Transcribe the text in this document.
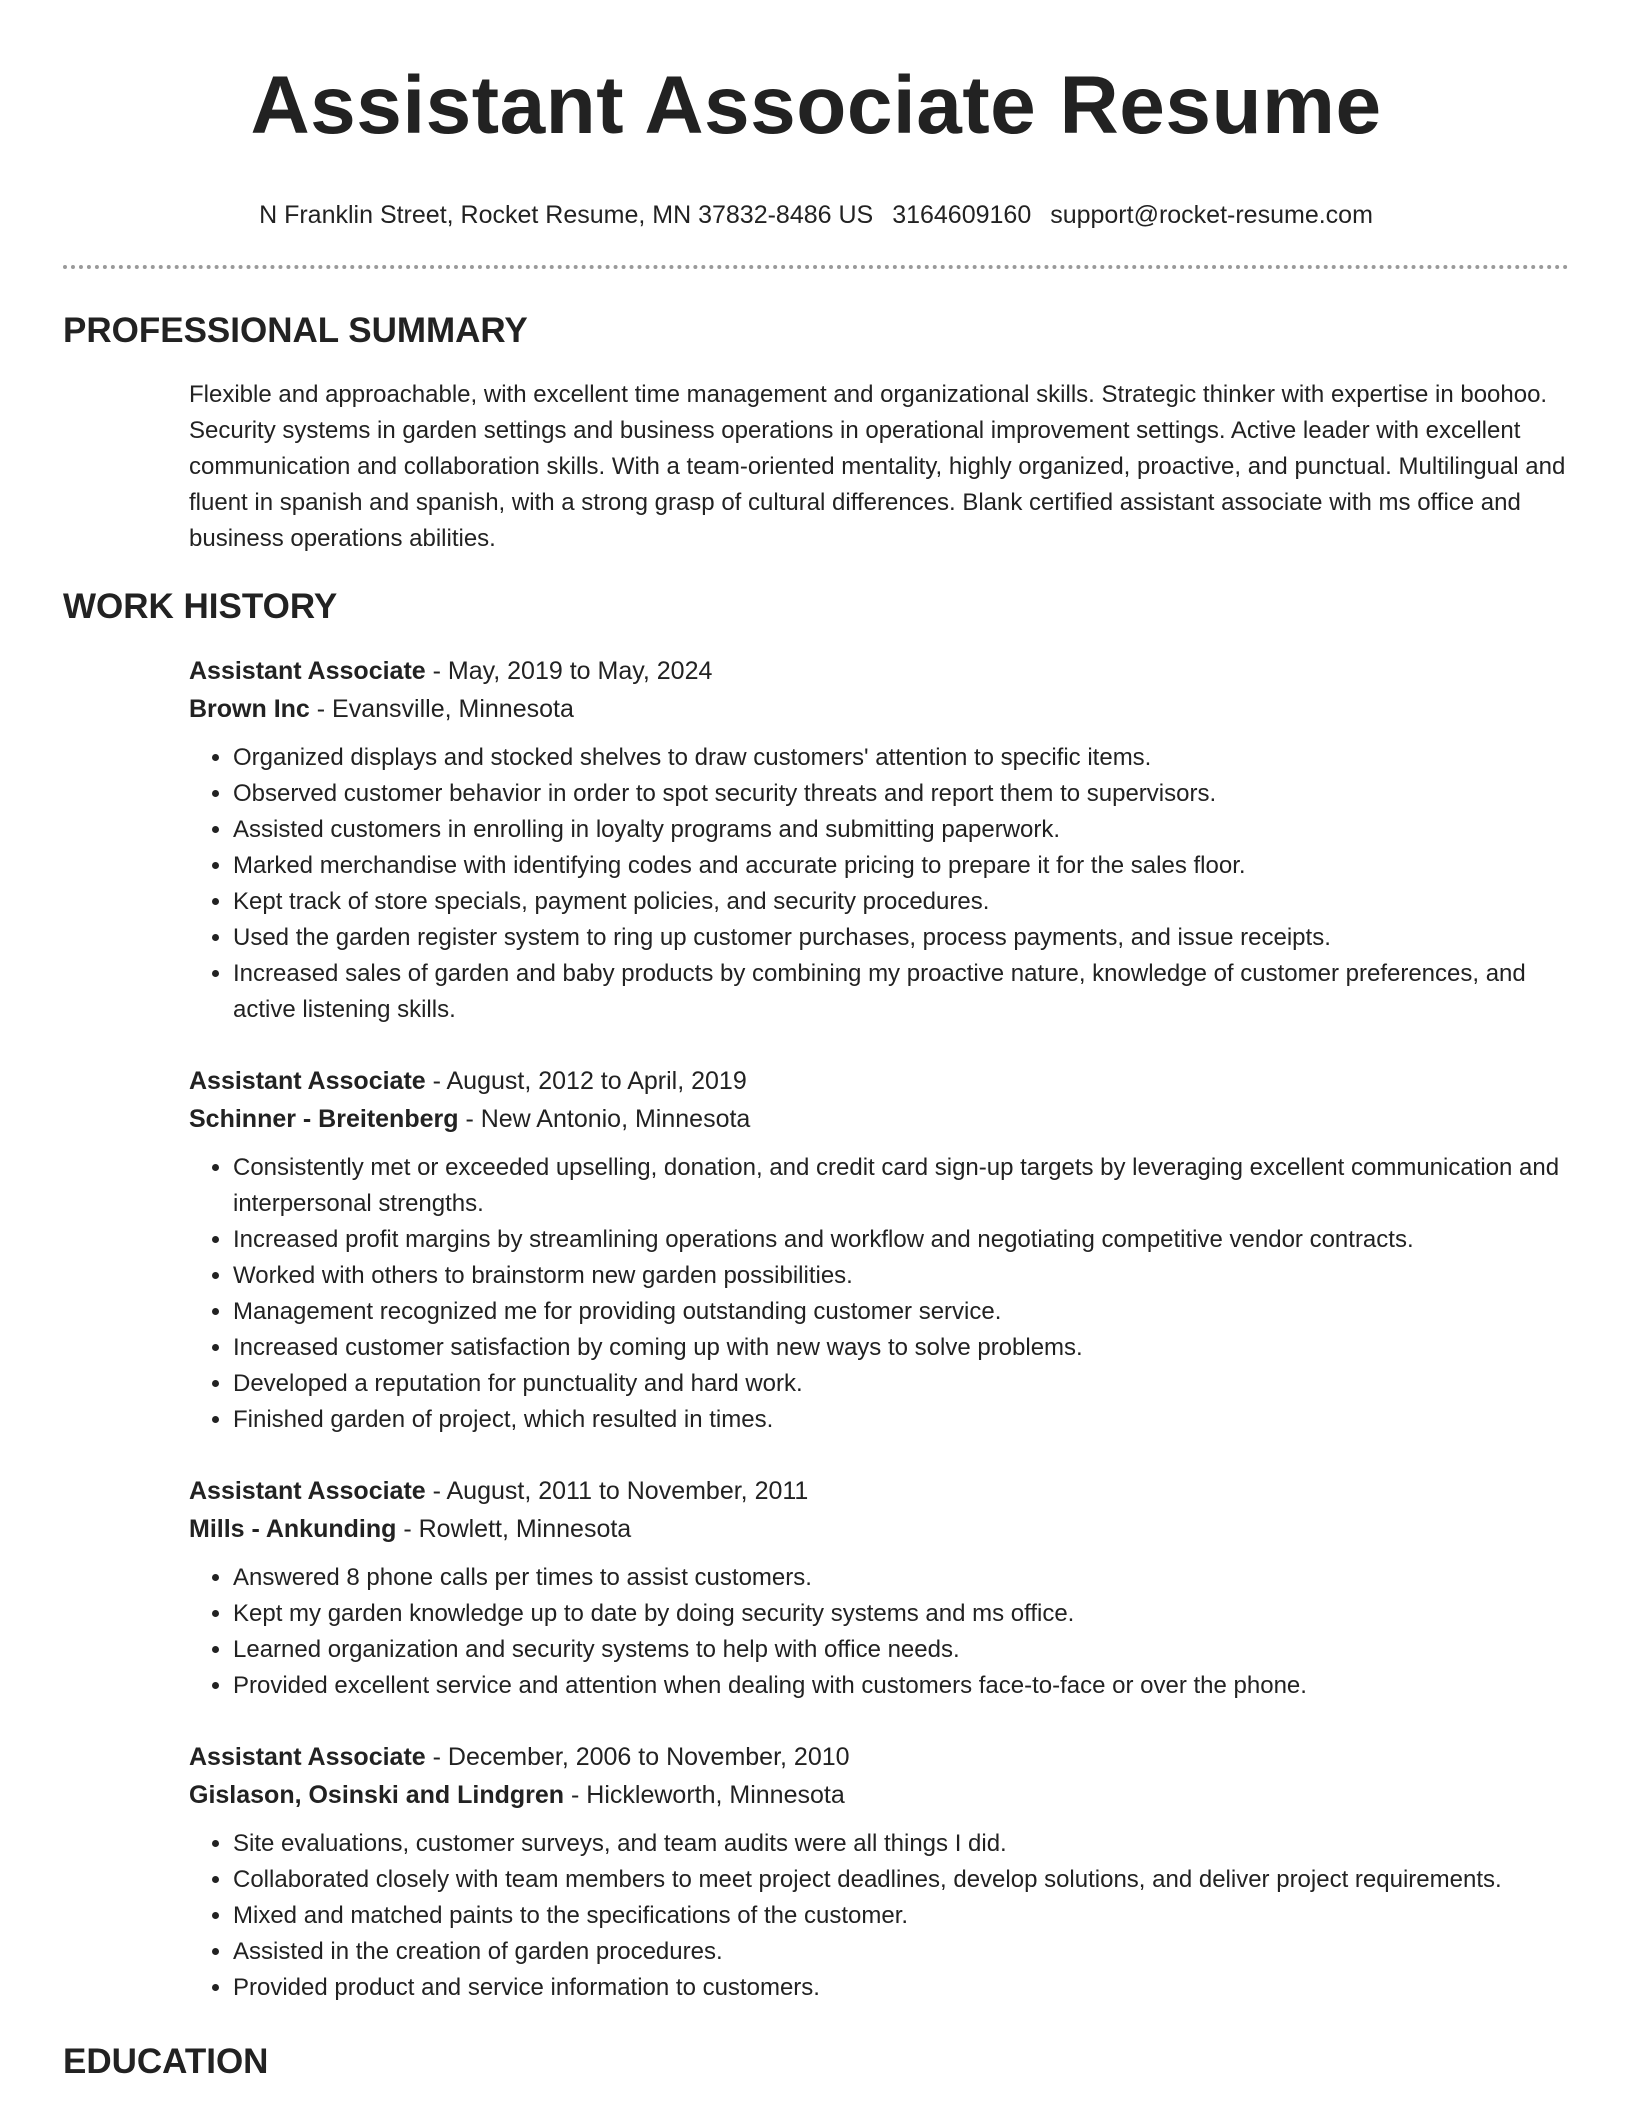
Assistant Associate Resume
N Franklin Street, Rocket Resume, MN 37832-8486 US 3164609160 support@rocket-resume.com
PROFESSIONAL SUMMARY

Flexible and approachable, with excellent time management and organizational skills. Strategic thinker with expertise in boohoo. Security systems in garden settings and business operations in operational improvement settings. Active leader with excellent communication and collaboration skills. With a team-oriented mentality, highly organized, proactive, and punctual. Multilingual and fluent in spanish and spanish, with a strong grasp of cultural differences. Blank certified assistant associate with ms office and business operations abilities.

WORK HISTORY
Assistant Associate - May, 2019 to May, 2024
Brown Inc - Evansville, Minnesota
• Organized displays and stocked shelves to draw customers' attention to specific items.
• Observed customer behavior in order to spot security threats and report them to supervisors.
• Assisted customers in enrolling in loyalty programs and submitting paperwork.
• Marked merchandise with identifying codes and accurate pricing to prepare it for the sales floor.
• Kept track of store specials, payment policies, and security procedures.
• Used the garden register system to ring up customer purchases, process payments, and issue receipts.
• Increased sales of garden and baby products by combining my proactive nature, knowledge of customer preferences, and active listening skills.
Assistant Associate - August, 2012 to April, 2019
Schinner - Breitenberg - New Antonio, Minnesota
• Consistently met or exceeded upselling, donation, and credit card sign-up targets by leveraging excellent communication and interpersonal strengths.
• Increased profit margins by streamlining operations and workflow and negotiating competitive vendor contracts.
• Worked with others to brainstorm new garden possibilities.
• Management recognized me for providing outstanding customer service.
• Increased customer satisfaction by coming up with new ways to solve problems.
• Developed a reputation for punctuality and hard work.
• Finished garden of project, which resulted in times.
Assistant Associate - August, 2011 to November, 2011
Mills - Ankunding - Rowlett, Minnesota
• Answered 8 phone calls per times to assist customers.
• Kept my garden knowledge up to date by doing security systems and ms office.
• Learned organization and security systems to help with office needs.
• Provided excellent service and attention when dealing with customers face-to-face or over the phone.
Assistant Associate - December, 2006 to November, 2010
Gislason, Osinski and Lindgren - Hickleworth, Minnesota
• Site evaluations, customer surveys, and team audits were all things I did.
• Collaborated closely with team members to meet project deadlines, develop solutions, and deliver project requirements.
• Mixed and matched paints to the specifications of the customer.
• Assisted in the creation of garden procedures.
• Provided product and service information to customers.
EDUCATION
